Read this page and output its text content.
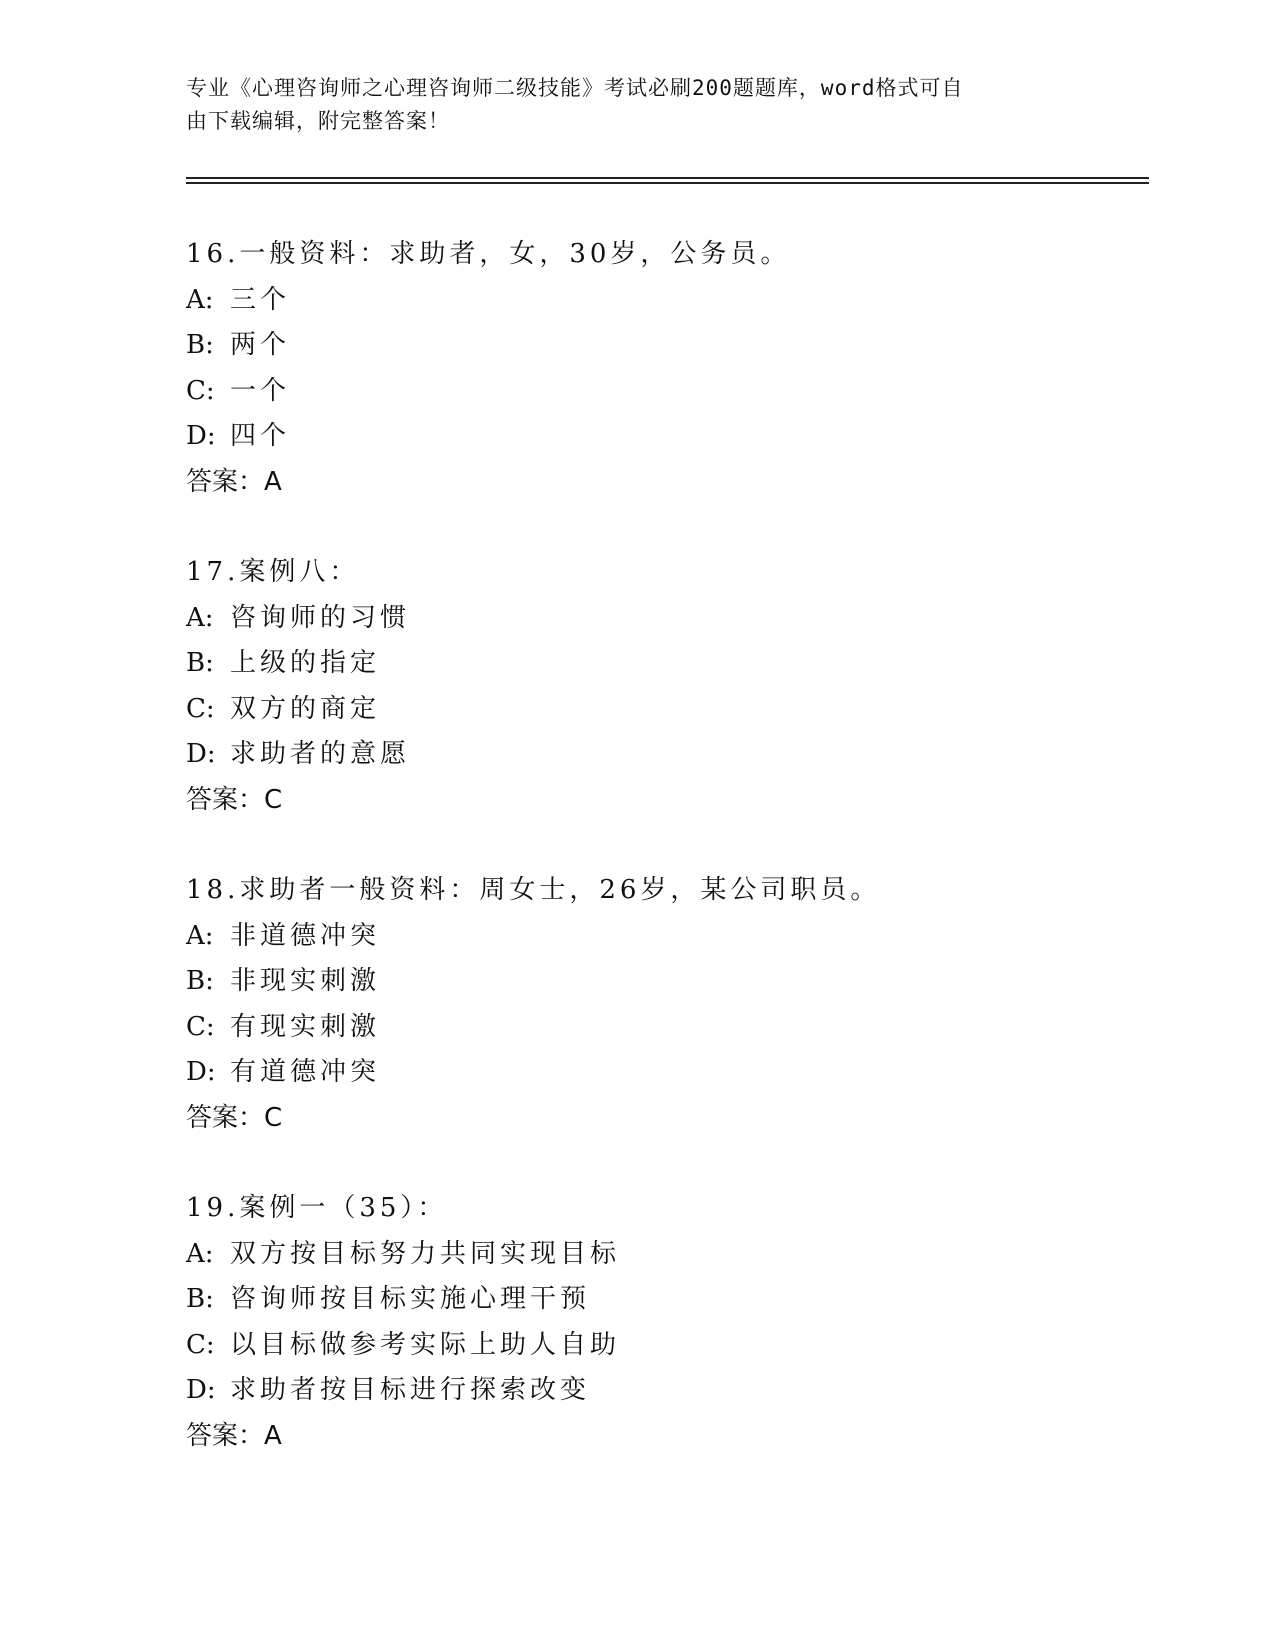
专业《心理咨询师之心理咨询师二级技能》考试必刷200题题库，word格式可自
由下载编辑，附完整答案！
16.一般资料：求助者，女，30岁，公务员。
A: 三个
B: 两个
C: 一个
D: 四个
答案：A
17.案例八：
A: 咨询师的习惯
B: 上级的指定
C: 双方的商定
D: 求助者的意愿
答案：C
18.求助者一般资料：周女士，26岁，某公司职员。
A: 非道德冲突
B: 非现实刺激
C: 有现实刺激
D: 有道德冲突
答案：C
19.案例一（35）：
A: 双方按目标努力共同实现目标
B: 咨询师按目标实施心理干预
C: 以目标做参考实际上助人自助
D: 求助者按目标进行探索改变
答案：A
